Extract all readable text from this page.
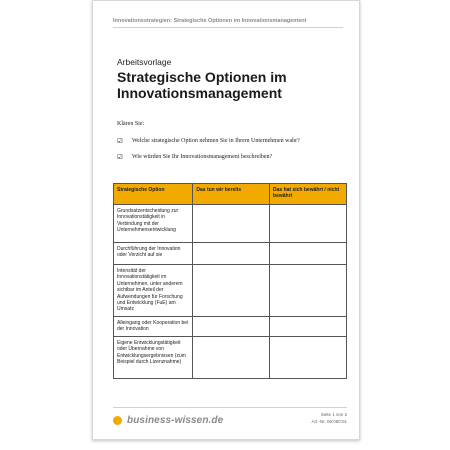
Innovationsstrategien: Strategische Optionen im Innovationsmanagement
Arbeitsvorlage
Strategische Optionen im
Innovationsmanagement
Klären Sie:
☑ Welche strategische Option nehmen Sie in Ihrem Unternehmen wahr?
☑ Wie würden Sie Ihr Innovationsmanagement beschreiben?
Strategische Option	Das tun wir bereits	Das hat sich bewährt / nicht bewährt
Grundsatzentscheidung zur Innovationstätigkeit in Verbindung mit der Unternehmensentwicklung		
Durchführung der Innovation oder Verzicht auf sie		
Intensität der Innovationstätigkeit im Unternehmen, unter anderem sichtbar im Anteil der Aufwendungen für Forschung und Entwicklung (FuE) am Umsatz		
Alleingang oder Kooperation bei der Innovation		
Eigene Entwicklungstätigkeit oder Übernahme von Entwicklungsergebnissen (zum Beispiel durch Lizenznahme)		
business-wissen.de
Seite 1 von 2
Art.-Nr. 06:060:01
